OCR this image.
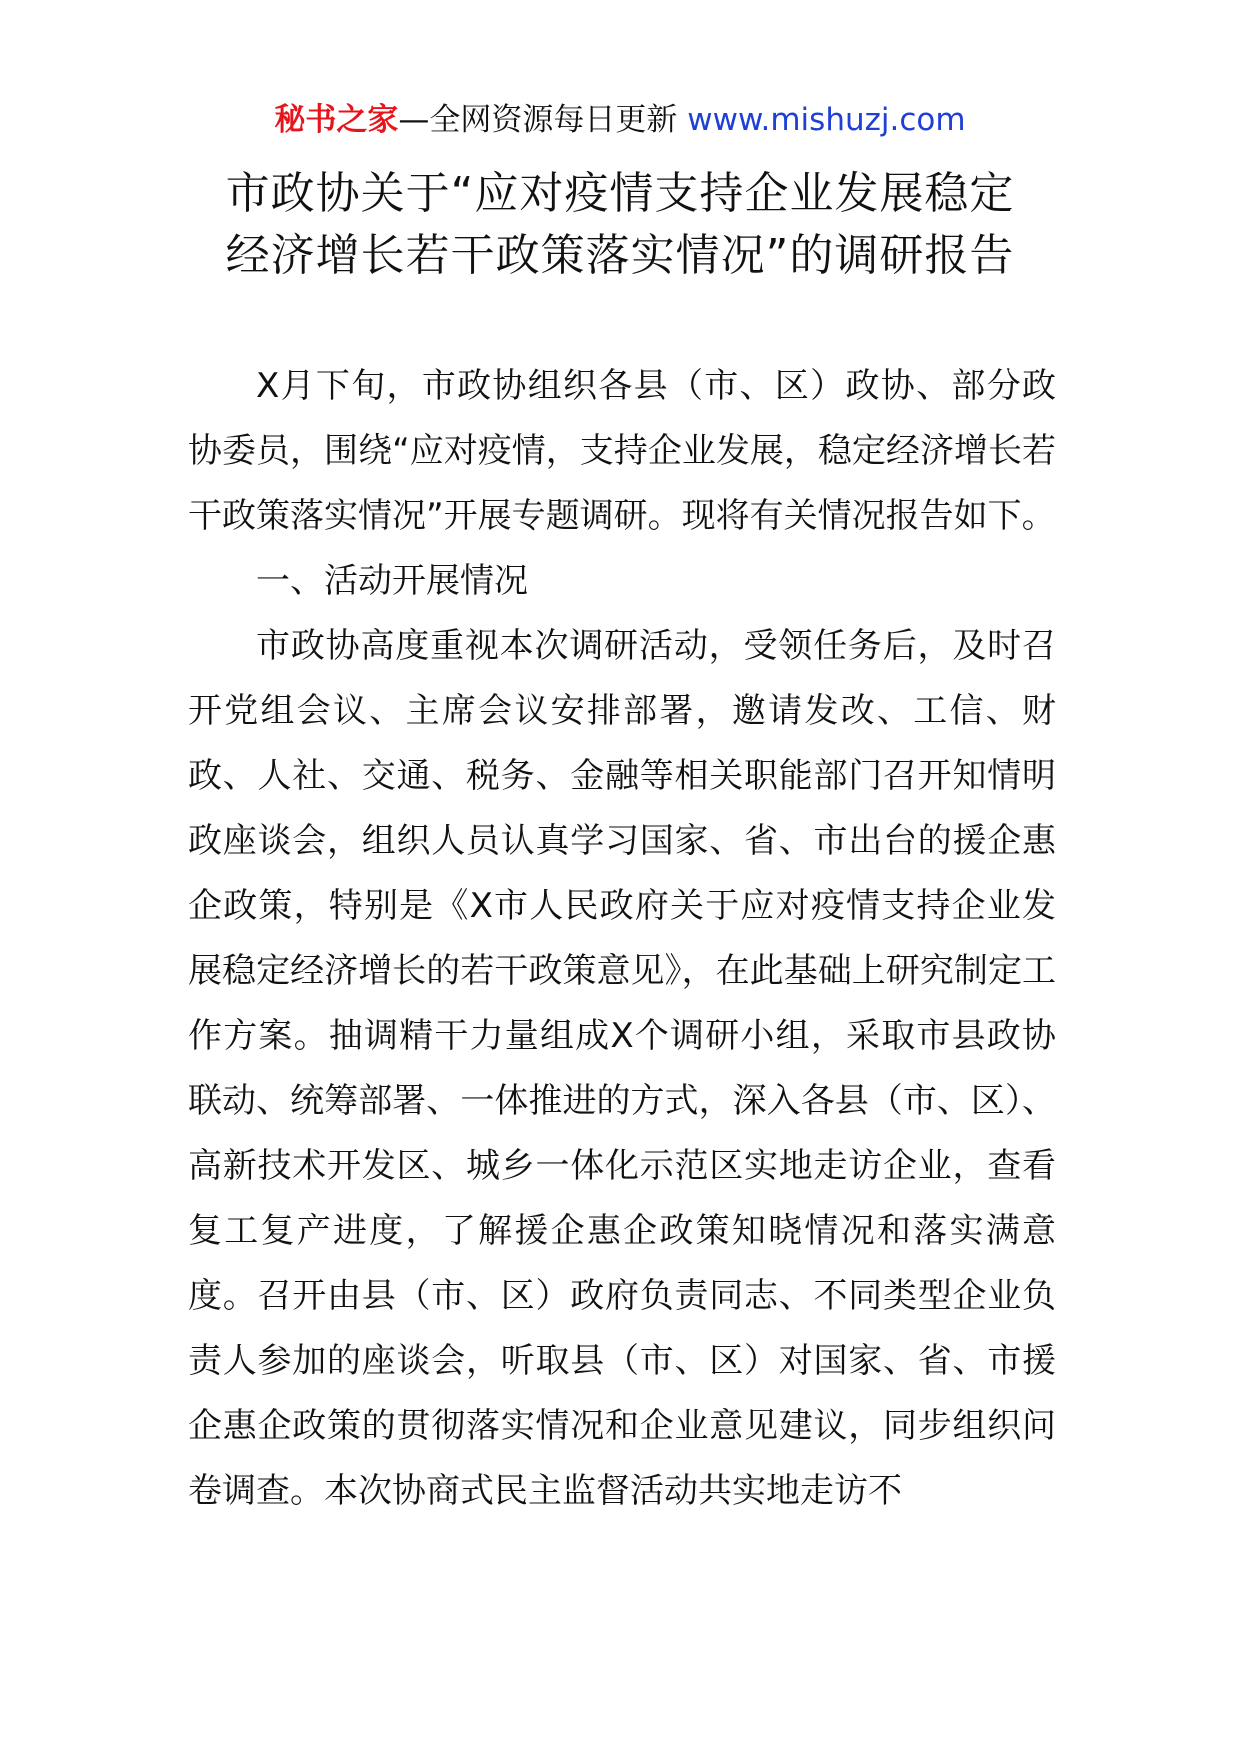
秘书之家—全网资源每日更新 www.mishuzj.com
市政协关于“应对疫情支持企业发展稳定
经济增长若干政策落实情况”的调研报告

X月下旬，市政协组织各县（市、区）政协、部分政协委员，围绕“应对疫情，支持企业发展，稳定经济增长若干政策落实情况”开展专题调研。现将有关情况报告如下。

一、活动开展情况

市政协高度重视本次调研活动，受领任务后，及时召开党组会议、主席会议安排部署，邀请发改、工信、财政、人社、交通、税务、金融等相关职能部门召开知情明政座谈会，组织人员认真学习国家、省、市出台的援企惠企政策，特别是《X市人民政府关于应对疫情支持企业发展稳定经济增长的若干政策意见》，在此基础上研究制定工作方案。抽调精干力量组成X个调研小组，采取市县政协联动、统筹部署、一体推进的方式，深入各县（市、区）、高新技术开发区、城乡一体化示范区实地走访企业，查看复工复产进度，了解援企惠企政策知晓情况和落实满意度。召开由县（市、区）政府负责同志、不同类型企业负责人参加的座谈会，听取县（市、区）对国家、省、市援企惠企政策的贯彻落实情况和企业意见建议，同步组织问卷调查。本次协商式民主监督活动共实地走访不
